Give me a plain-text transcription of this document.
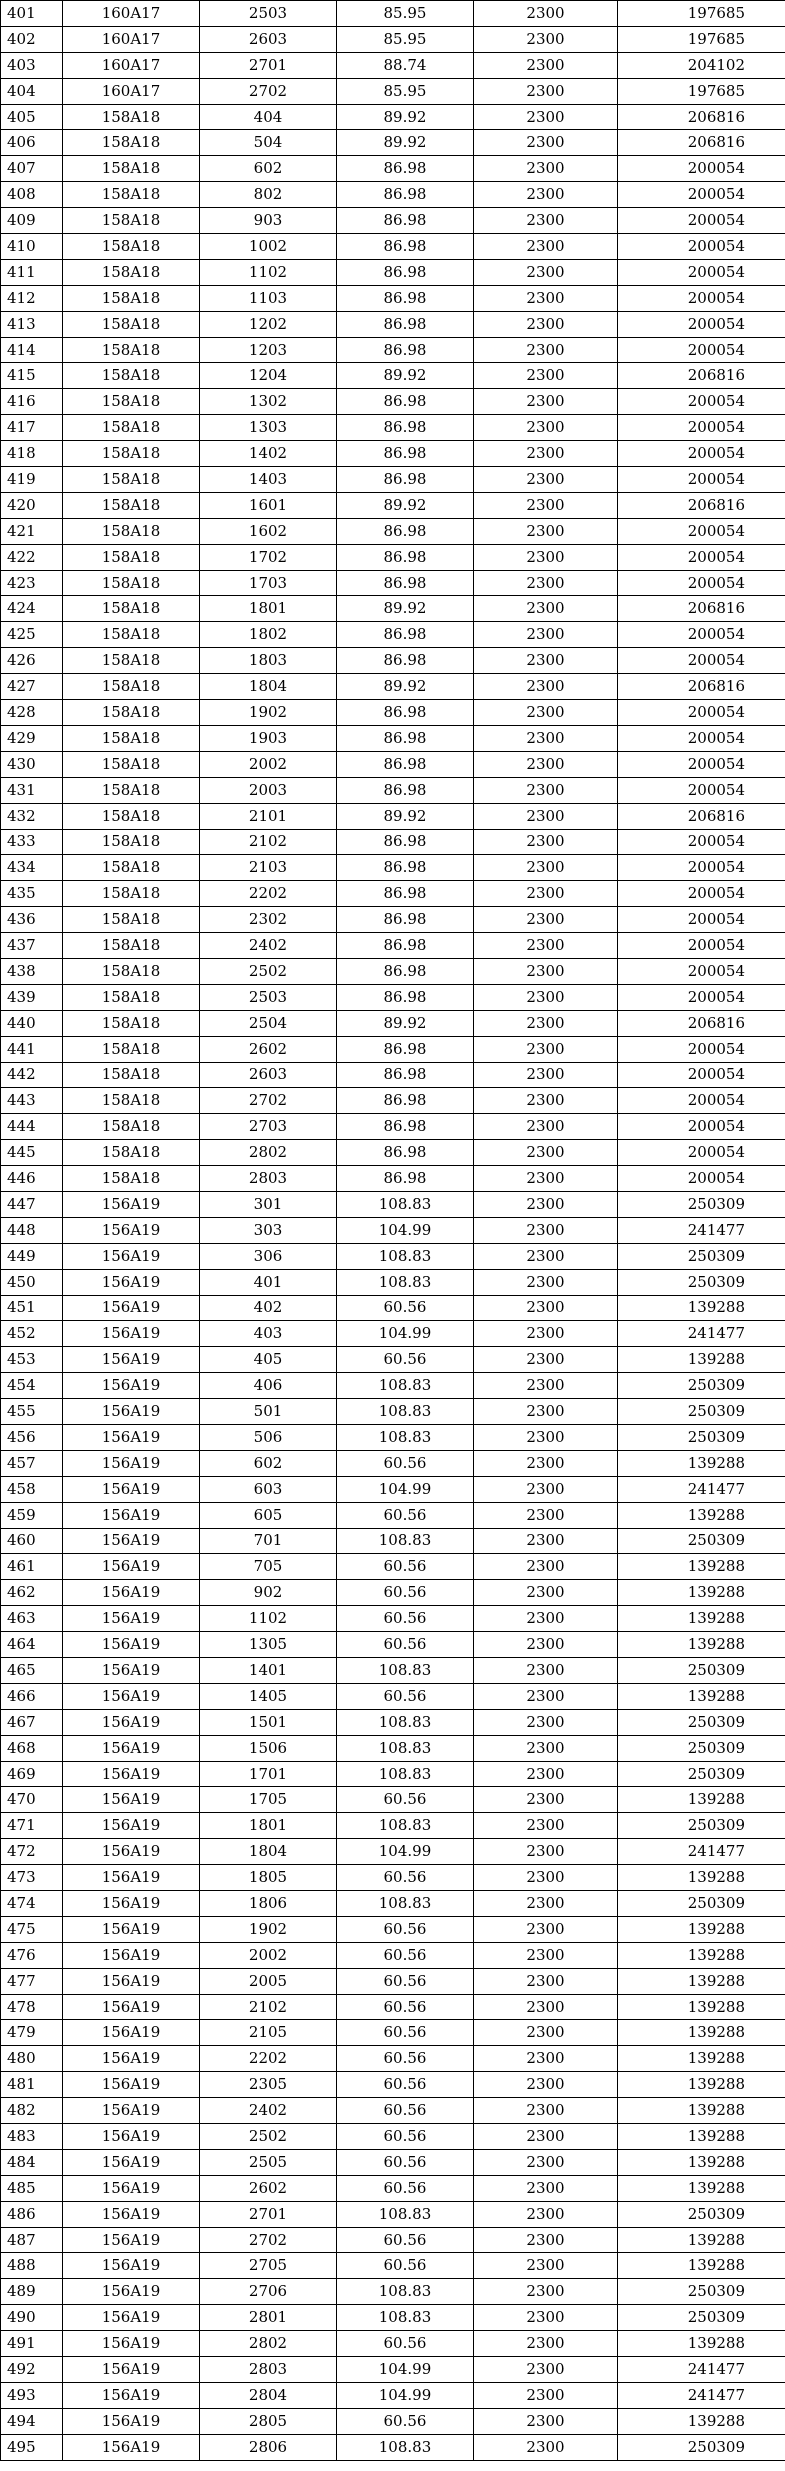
401	160A17	2503	85.95	2300	197685
402	160A17	2603	85.95	2300	197685
403	160A17	2701	88.74	2300	204102
404	160A17	2702	85.95	2300	197685
405	158A18	404	89.92	2300	206816
406	158A18	504	89.92	2300	206816
407	158A18	602	86.98	2300	200054
408	158A18	802	86.98	2300	200054
409	158A18	903	86.98	2300	200054
410	158A18	1002	86.98	2300	200054
411	158A18	1102	86.98	2300	200054
412	158A18	1103	86.98	2300	200054
413	158A18	1202	86.98	2300	200054
414	158A18	1203	86.98	2300	200054
415	158A18	1204	89.92	2300	206816
416	158A18	1302	86.98	2300	200054
417	158A18	1303	86.98	2300	200054
418	158A18	1402	86.98	2300	200054
419	158A18	1403	86.98	2300	200054
420	158A18	1601	89.92	2300	206816
421	158A18	1602	86.98	2300	200054
422	158A18	1702	86.98	2300	200054
423	158A18	1703	86.98	2300	200054
424	158A18	1801	89.92	2300	206816
425	158A18	1802	86.98	2300	200054
426	158A18	1803	86.98	2300	200054
427	158A18	1804	89.92	2300	206816
428	158A18	1902	86.98	2300	200054
429	158A18	1903	86.98	2300	200054
430	158A18	2002	86.98	2300	200054
431	158A18	2003	86.98	2300	200054
432	158A18	2101	89.92	2300	206816
433	158A18	2102	86.98	2300	200054
434	158A18	2103	86.98	2300	200054
435	158A18	2202	86.98	2300	200054
436	158A18	2302	86.98	2300	200054
437	158A18	2402	86.98	2300	200054
438	158A18	2502	86.98	2300	200054
439	158A18	2503	86.98	2300	200054
440	158A18	2504	89.92	2300	206816
441	158A18	2602	86.98	2300	200054
442	158A18	2603	86.98	2300	200054
443	158A18	2702	86.98	2300	200054
444	158A18	2703	86.98	2300	200054
445	158A18	2802	86.98	2300	200054
446	158A18	2803	86.98	2300	200054
447	156A19	301	108.83	2300	250309
448	156A19	303	104.99	2300	241477
449	156A19	306	108.83	2300	250309
450	156A19	401	108.83	2300	250309
451	156A19	402	60.56	2300	139288
452	156A19	403	104.99	2300	241477
453	156A19	405	60.56	2300	139288
454	156A19	406	108.83	2300	250309
455	156A19	501	108.83	2300	250309
456	156A19	506	108.83	2300	250309
457	156A19	602	60.56	2300	139288
458	156A19	603	104.99	2300	241477
459	156A19	605	60.56	2300	139288
460	156A19	701	108.83	2300	250309
461	156A19	705	60.56	2300	139288
462	156A19	902	60.56	2300	139288
463	156A19	1102	60.56	2300	139288
464	156A19	1305	60.56	2300	139288
465	156A19	1401	108.83	2300	250309
466	156A19	1405	60.56	2300	139288
467	156A19	1501	108.83	2300	250309
468	156A19	1506	108.83	2300	250309
469	156A19	1701	108.83	2300	250309
470	156A19	1705	60.56	2300	139288
471	156A19	1801	108.83	2300	250309
472	156A19	1804	104.99	2300	241477
473	156A19	1805	60.56	2300	139288
474	156A19	1806	108.83	2300	250309
475	156A19	1902	60.56	2300	139288
476	156A19	2002	60.56	2300	139288
477	156A19	2005	60.56	2300	139288
478	156A19	2102	60.56	2300	139288
479	156A19	2105	60.56	2300	139288
480	156A19	2202	60.56	2300	139288
481	156A19	2305	60.56	2300	139288
482	156A19	2402	60.56	2300	139288
483	156A19	2502	60.56	2300	139288
484	156A19	2505	60.56	2300	139288
485	156A19	2602	60.56	2300	139288
486	156A19	2701	108.83	2300	250309
487	156A19	2702	60.56	2300	139288
488	156A19	2705	60.56	2300	139288
489	156A19	2706	108.83	2300	250309
490	156A19	2801	108.83	2300	250309
491	156A19	2802	60.56	2300	139288
492	156A19	2803	104.99	2300	241477
493	156A19	2804	104.99	2300	241477
494	156A19	2805	60.56	2300	139288
495	156A19	2806	108.83	2300	250309
